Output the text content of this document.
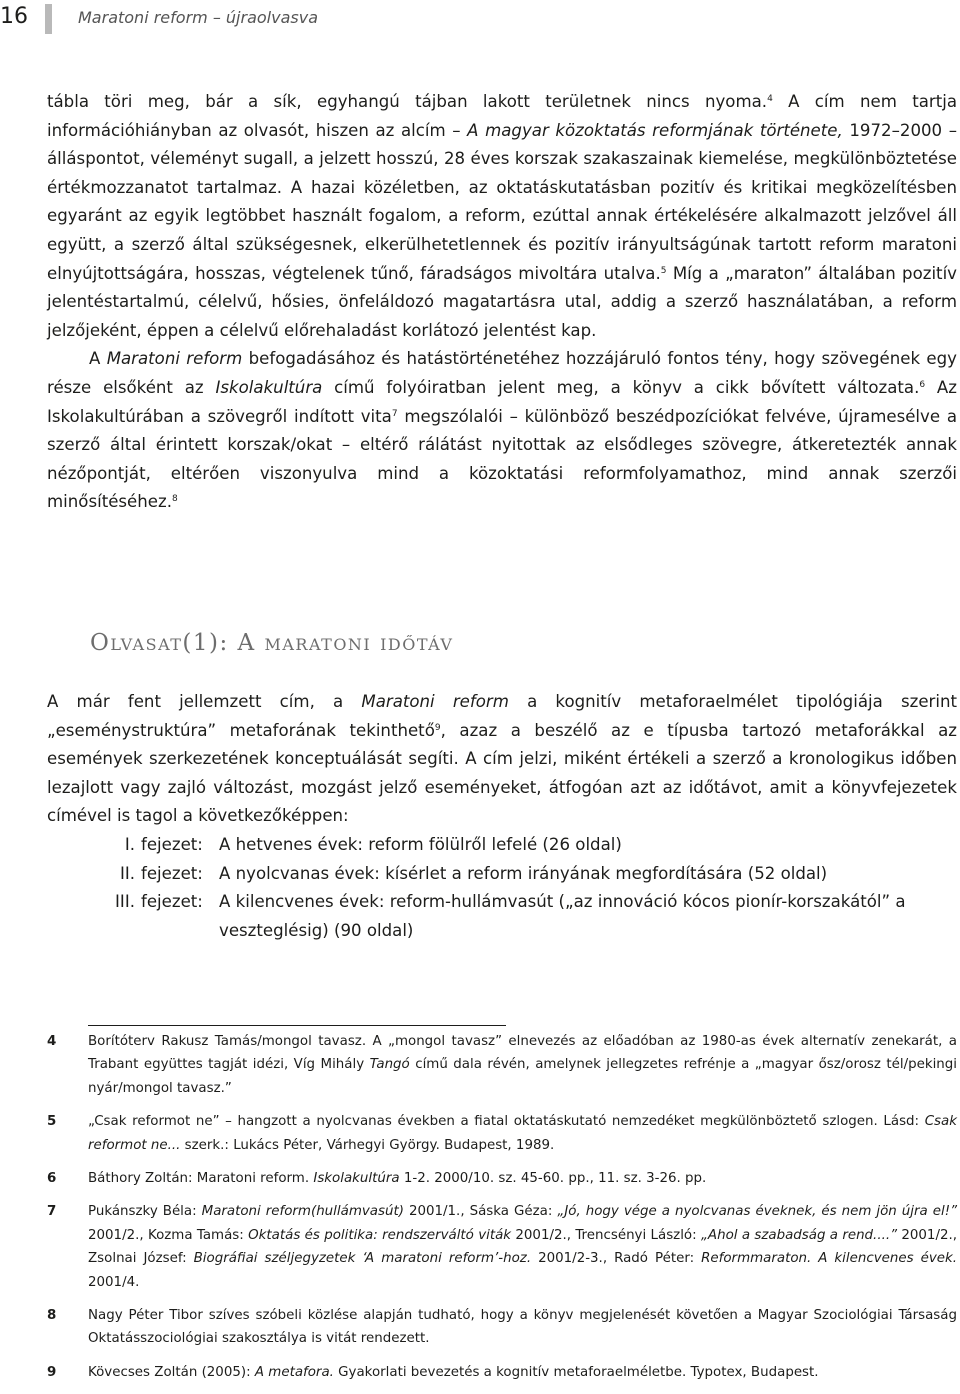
16	Maratoni reform – újraolvasva

tábla töri meg, bár a sík, egyhangú tájban lakott területnek nincs nyoma.$^4$ A cím nem tartja információhiányban az olvasót, hiszen az alcím – A magyar közoktatás reformjának története, 1972–2000 – álláspontot, véleményt sugall, a jelzett hosszú, 28 éves korszak szakaszainak kiemelése, megkülönböztetése értékmozzanatot tartalmaz. A hazai közéletben, az oktatáskutatásban pozitív és kritikai megközelítésben egyaránt az egyik legtöbbet használt fogalom, a reform, ezúttal annak értékelésére alkalmazott jelzővel áll együtt, a szerző által szükségesnek, elkerülhetetlennek és pozitív irányultságúnak tartott reform maratoni elnyújtottságára, hosszas, végtelenek tűnő, fáradságos mivoltára utalva.$^5$ Míg a „maraton” általában pozitív jelentéstartalmú, célelvű, hősies, önfeláldozó magatartásra utal, addig a szerző használatában, a reform jelzőjeként, éppen a célelvű előrehaladást korlátozó jelentést kap.

A Maratoni reform befogadásához és hatástörténetéhez hozzájáruló fontos tény, hogy szövegének egy része elsőként az Iskolakultúra című folyóiratban jelent meg, a könyv a cikk bővített változata.$^6$ Az Iskolakultúrában a szövegről indított vita$^7$ megszólalói – különböző beszédpozíciókat felvéve, újramesélve a szerző által érintett korszak/okat – eltérő rálátást nyitottak az elsődleges szövegre, átkeretezték annak nézőpontját, eltérően viszonyulva mind a közoktatási reformfolyamathoz, mind annak szerzői minősítéséhez.$^8$

Olvasat(1): A maratoni időtáv

A már fent jellemzett cím, a Maratoni reform a kognitív metaforaelmélet tipológiája szerint „eseménystruktúra” metaforának tekinthető$^9$, azaz a beszélő az e típusba tartozó metaforákkal az események szerkezetének konceptuálását segíti. A cím jelzi, miként értékeli a szerző a kronologikus időben lezajlott vagy zajló változást, mozgást jelző eseményeket, átfogóan azt az időtávot, amit a könyvfejezetek címével is tagol a következőképpen:

I. fejezet: A hetvenes évek: reform fölülről lefelé (26 oldal)
II. fejezet: A nyolcvanas évek: kísérlet a reform irányának megfordítására (52 oldal)
III. fejezet: A kilencvenes évek: reform-hullámvasút („az innováció kócos pionír-korszakától” a veszteglésig) (90 oldal)
4 Borítóterv Rakusz Tamás/mongol tavasz. A „mongol tavasz” elnevezés az előadóban az 1980-as évek alternatív zenekarát, a Trabant együttes tagját idézi, Víg Mihály Tangó című dala révén, amelynek jellegzetes refrénje a „magyar ősz/orosz tél/pekingi nyár/mongol tavasz.”
5 „Csak reformot ne” – hangzott a nyolcvanas években a fiatal oktatáskutató nemzedéket megkülönböztető szlogen. Lásd: Csak reformot ne... szerk.: Lukács Péter, Várhegyi György. Budapest, 1989.
6 Báthory Zoltán: Maratoni reform. Iskolakultúra 1-2. 2000/10. sz. 45-60. pp., 11. sz. 3-26. pp.
7 Pukánszky Béla: Maratoni reform(hullámvasút) 2001/1., Sáska Géza: „Jó, hogy vége a nyolcvanas éveknek, és nem jön újra el!” 2001/2., Kozma Tamás: Oktatás és politika: rendszerváltó viták 2001/2., Trencsényi László: „Ahol a szabadság a rend....” 2001/2., Zsolnai József: Biográfiai széljegyzetek ‘A maratoni reform’-hoz. 2001/2-3., Radó Péter: Reformmaraton. A kilencvenes évek. 2001/4.
8 Nagy Péter Tibor szíves szóbeli közlése alapján tudható, hogy a könyv megjelenését követően a Magyar Szociológiai Társaság Oktatásszociológiai szakosztálya is vitát rendezett.
9 Kövecses Zoltán (2005): A metafora. Gyakorlati bevezetés a kognitív metaforaelméletbe. Typotex, Budapest.
